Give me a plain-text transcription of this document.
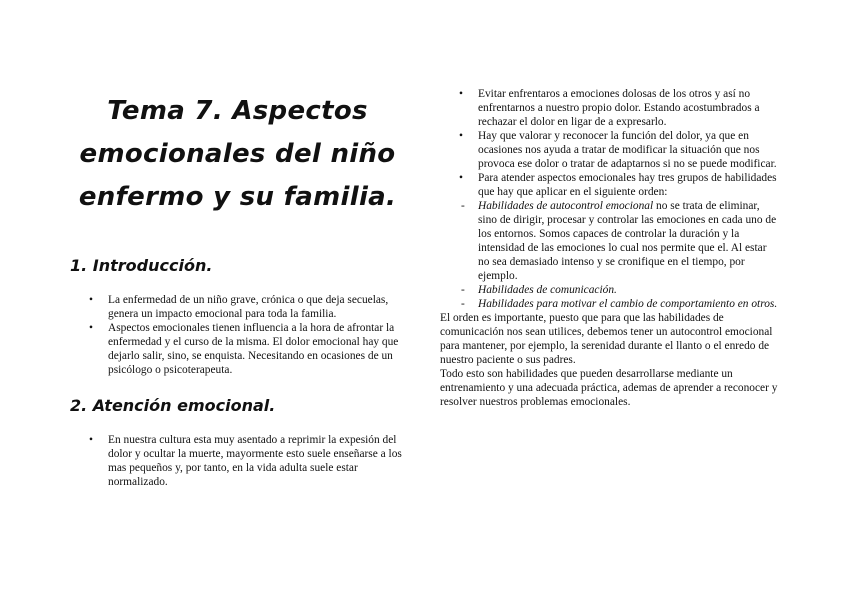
Tema 7. Aspectos emocionales del niño enfermo y su familia.
1. Introducción.
• La enfermedad de un niño grave, crónica o que deja secuelas, genera un impacto emocional para toda la familia.
• Aspectos emocionales tienen influencia a la hora de afrontar la enfermedad y el curso de la misma. El dolor emocional hay que dejarlo salir, sino, se enquista. Necesitando en ocasiones de un psicólogo o psicoterapeuta.
2. Atención emocional.
• En nuestra cultura esta muy asentado a reprimir la expesión del dolor y ocultar la muerte, mayormente esto suele enseñarse a los mas pequeños y, por tanto, en la vida adulta suele estar normalizado.
• Evitar enfrentaros a emociones dolosas de los otros y así no enfrentarnos a nuestro propio dolor. Estando acostumbrados a rechazar el dolor en ligar de a expresarlo.
• Hay que valorar y reconocer la función del dolor, ya que en ocasiones nos ayuda a tratar de modificar la situación que nos provoca ese dolor o tratar de adaptarnos si no se puede modificar.
• Para atender aspectos emocionales hay tres grupos de habilidades que hay que aplicar en el siguiente orden:
- Habilidades de autocontrol emocional no se trata de eliminar, sino de dirigir, procesar y controlar las emociones en cada uno de los entornos. Somos capaces de controlar la duración y la intensidad de las emociones lo cual nos permite que el. Al estar no sea demasiado intenso y se cronifique en el tiempo, por ejemplo.
- Habilidades de comunicación.
- Habilidades para motivar el cambio de comportamiento en otros.

El orden es importante, puesto que para que las habilidades de comunicación nos sean utilices, debemos tener un autocontrol emocional para mantener, por ejemplo, la serenidad durante el llanto o el enredo de nuestro paciente o sus padres.

Todo esto son habilidades que pueden desarrollarse mediante un entrenamiento y una adecuada práctica, ademas de aprender a reconocer y resolver nuestros problemas emocionales.
